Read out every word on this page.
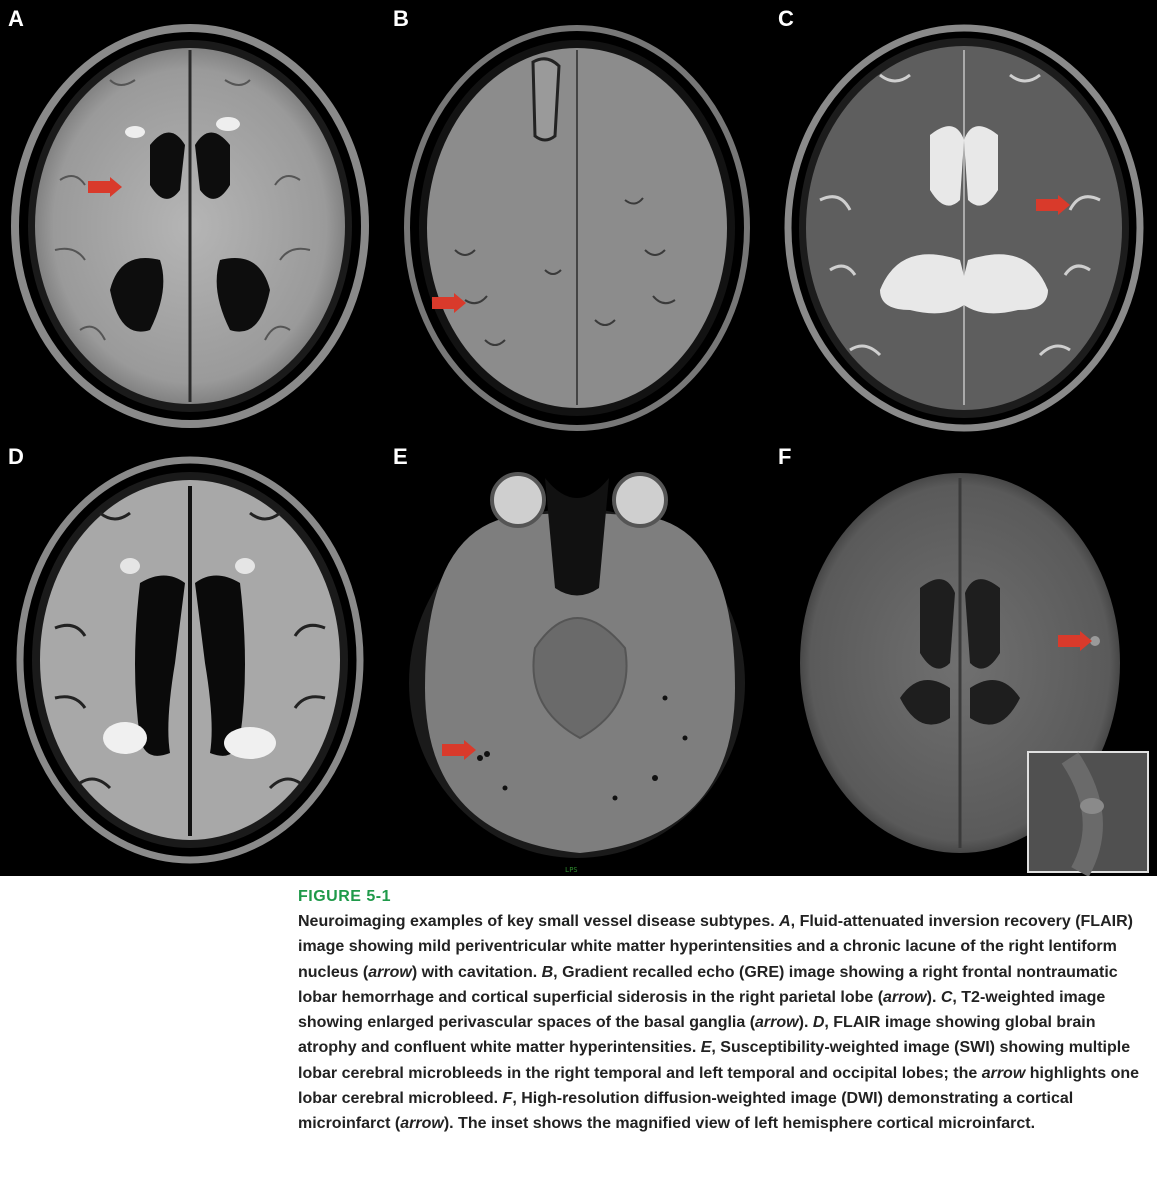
A	B	C
D	E
LPS
F
FIGURE 5-1
Neuroimaging examples of key small vessel disease subtypes. A, Fluid-attenuated inversion recovery (FLAIR) image showing mild periventricular white matter hyperintensities and a chronic lacune of the right lentiform nucleus (arrow) with cavitation. B, Gradient recalled echo (GRE) image showing a right frontal nontraumatic lobar hemorrhage and cortical superficial siderosis in the right parietal lobe (arrow). C, T2-weighted image showing enlarged perivascular spaces of the basal ganglia (arrow). D, FLAIR image showing global brain atrophy and confluent white matter hyperintensities. E, Susceptibility-weighted image (SWI) showing multiple lobar cerebral microbleeds in the right temporal and left temporal and occipital lobes; the arrow highlights one lobar cerebral microbleed. F, High-resolution diffusion-weighted image (DWI) demonstrating a cortical microinfarct (arrow). The inset shows the magnified view of left hemisphere cortical microinfarct.
